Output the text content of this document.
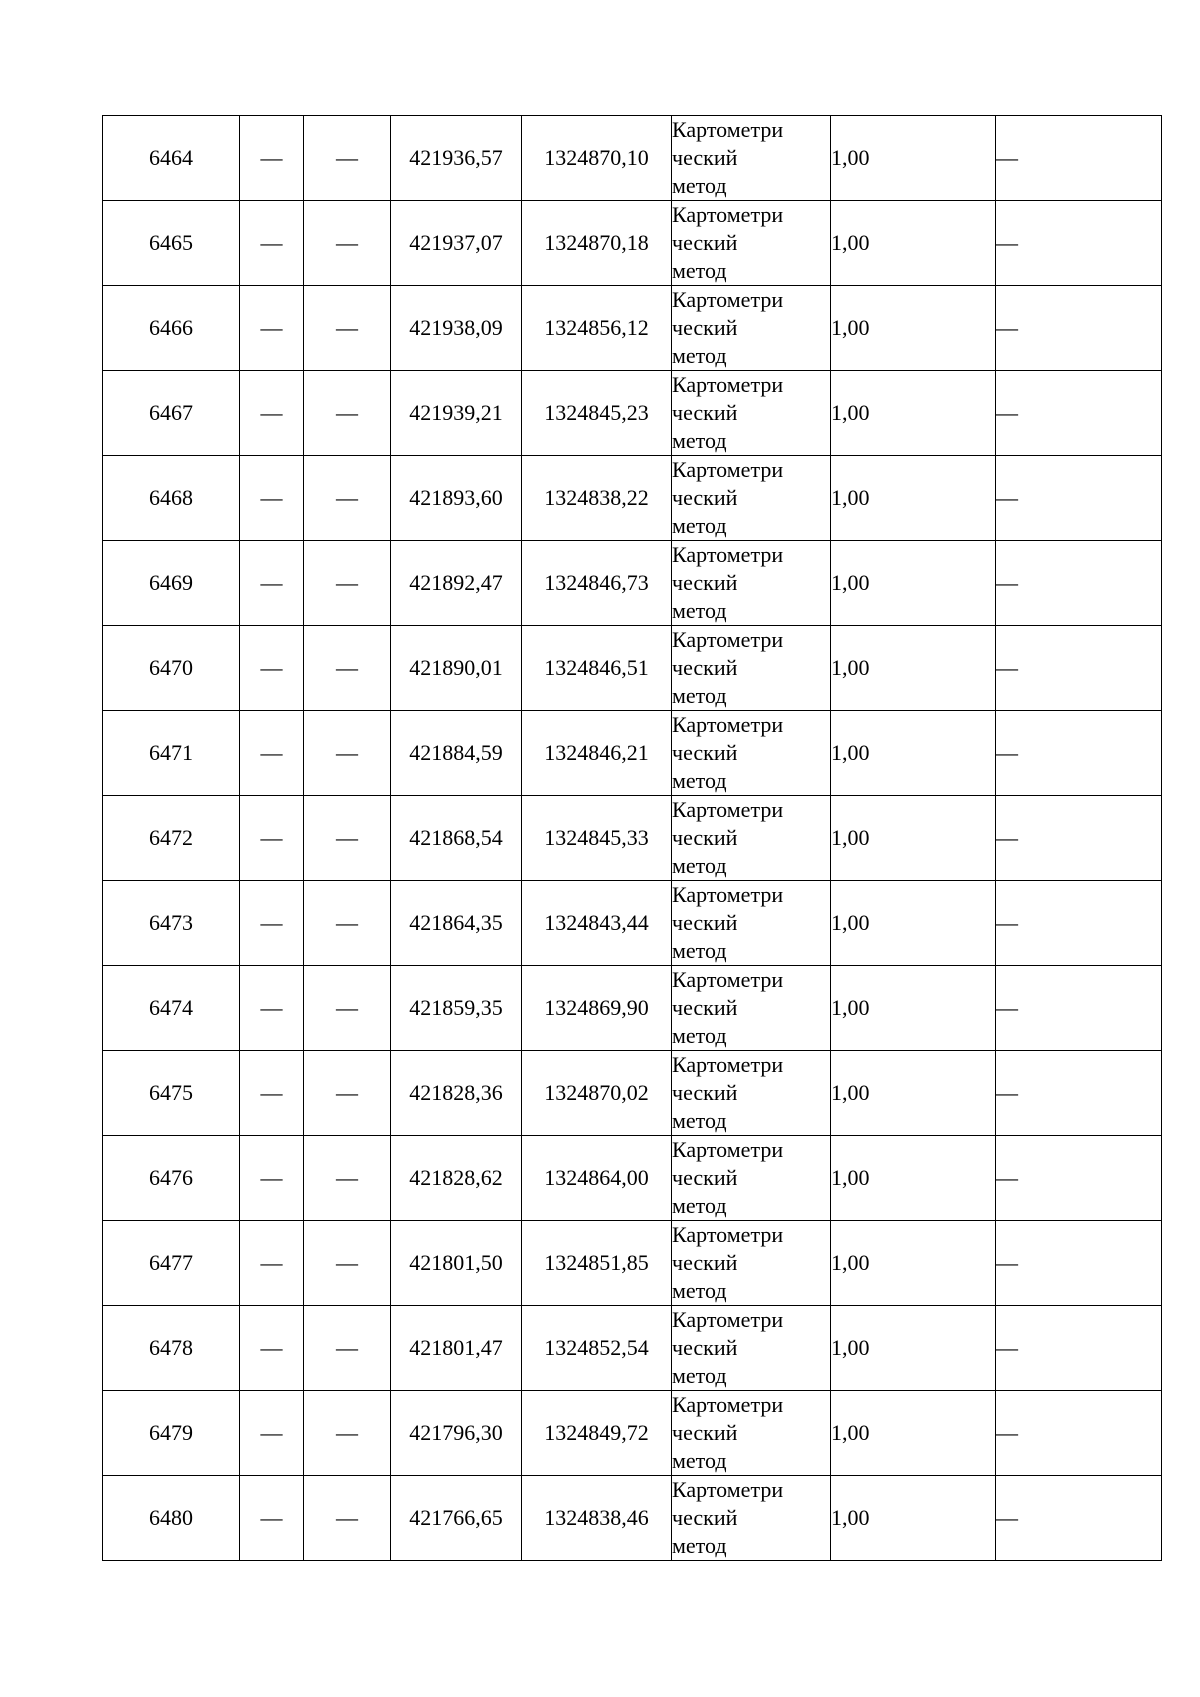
6464	—	—	421936,57	1324870,10	Картометри
ческий
метод	1,00	—
6465	—	—	421937,07	1324870,18	Картометри
ческий
метод	1,00	—
6466	—	—	421938,09	1324856,12	Картометри
ческий
метод	1,00	—
6467	—	—	421939,21	1324845,23	Картометри
ческий
метод	1,00	—
6468	—	—	421893,60	1324838,22	Картометри
ческий
метод	1,00	—
6469	—	—	421892,47	1324846,73	Картометри
ческий
метод	1,00	—
6470	—	—	421890,01	1324846,51	Картометри
ческий
метод	1,00	—
6471	—	—	421884,59	1324846,21	Картометри
ческий
метод	1,00	—
6472	—	—	421868,54	1324845,33	Картометри
ческий
метод	1,00	—
6473	—	—	421864,35	1324843,44	Картометри
ческий
метод	1,00	—
6474	—	—	421859,35	1324869,90	Картометри
ческий
метод	1,00	—
6475	—	—	421828,36	1324870,02	Картометри
ческий
метод	1,00	—
6476	—	—	421828,62	1324864,00	Картометри
ческий
метод	1,00	—
6477	—	—	421801,50	1324851,85	Картометри
ческий
метод	1,00	—
6478	—	—	421801,47	1324852,54	Картометри
ческий
метод	1,00	—
6479	—	—	421796,30	1324849,72	Картометри
ческий
метод	1,00	—
6480	—	—	421766,65	1324838,46	Картометри
ческий
метод	1,00	—
